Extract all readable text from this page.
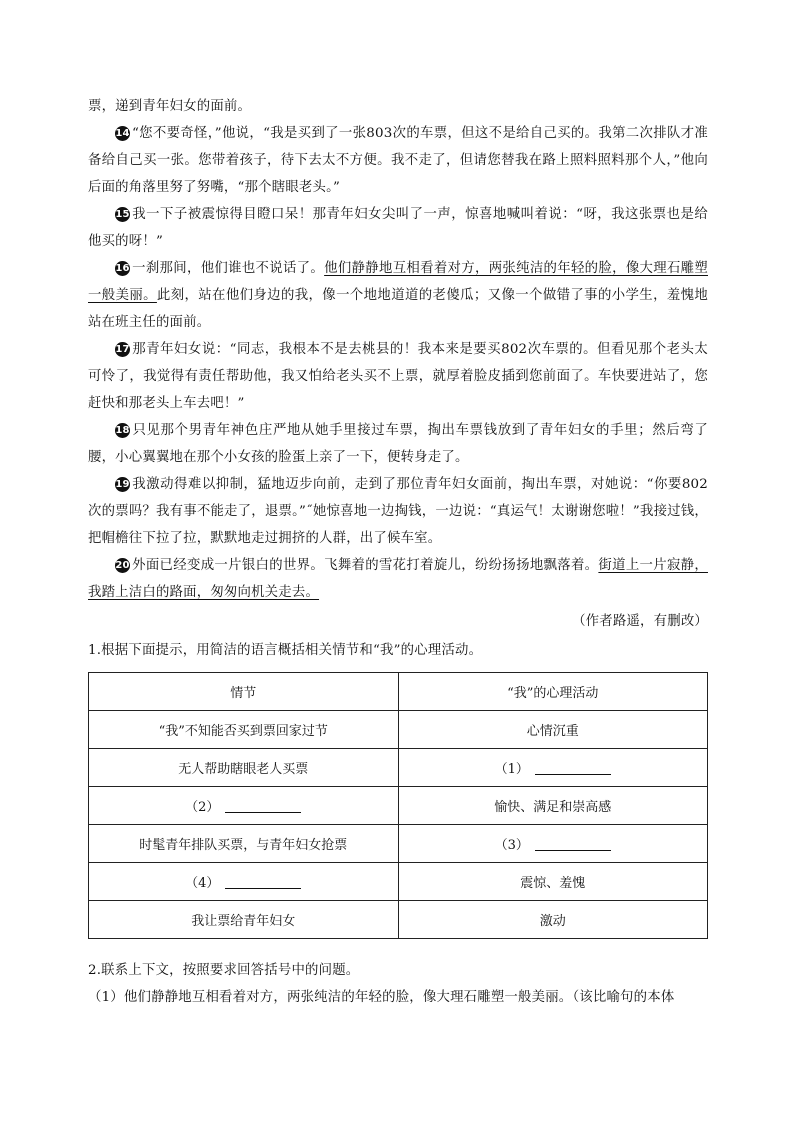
票，递到青年妇女的面前。

14 “您不要奇怪，”他说，“我是买到了一张803次的车票，但这不是给自己买的。我第二次排队才准备给自己买一张。您带着孩子，待下去太不方便。我不走了，但请您替我在路上照料照料那个人，”他向后面的角落里努了努嘴，“那个瞎眼老头。”

15 我一下子被震惊得目瞪口呆！那青年妇女尖叫了一声，惊喜地喊叫着说：“呀，我这张票也是给他买的呀！”

16 一刹那间，他们谁也不说话了。他们静静地互相看着对方，两张纯洁的年轻的脸，像大理石雕塑一般美丽。此刻，站在他们身边的我，像一个地地道道的老傻瓜；又像一个做错了事的小学生，羞愧地站在班主任的面前。

17 那青年妇女说：“同志，我根本不是去桃县的！我本来是要买802次车票的。但看见那个老头太可怜了，我觉得有责任帮助他，我又怕给老头买不上票，就厚着脸皮插到您前面了。车快要进站了，您赶快和那老头上车去吧！”

18 只见那个男青年神色庄严地从她手里接过车票，掏出车票钱放到了青年妇女的手里；然后弯了腰，小心翼翼地在那个小女孩的脸蛋上亲了一下，便转身走了。

19 我激动得难以抑制，猛地迈步向前，走到了那位青年妇女面前，掏出车票，对她说：“你要802次的票吗？我有事不能走了，退票。”˝她惊喜地一边掏钱，一边说：“真运气！太谢谢您啦！”我接过钱，把帽檐往下拉了拉，默默地走过拥挤的人群，出了候车室。

20 外面已经变成一片银白的世界。飞舞着的雪花打着旋儿，纷纷扬扬地飘落着。街道上一片寂静，我踏上洁白的路面，匆匆向机关走去。

（作者路遥，有删改）

1.根据下面提示，用简洁的语言概括相关情节和“我”的心理活动。

情节	“我”的心理活动
“我”不知能否买到票回家过节	心情沉重
无人帮助瞎眼老人买票	（1）
（2）	愉快、满足和崇高感
时髦青年排队买票，与青年妇女抢票	（3）
（4）	震惊、羞愧
我让票给青年妇女	激动

2.联系上下文，按照要求回答括号中的问题。

（1）他们静静地互相看着对方，两张纯洁的年轻的脸，像大理石雕塑一般美丽。（该比喻句的本体
